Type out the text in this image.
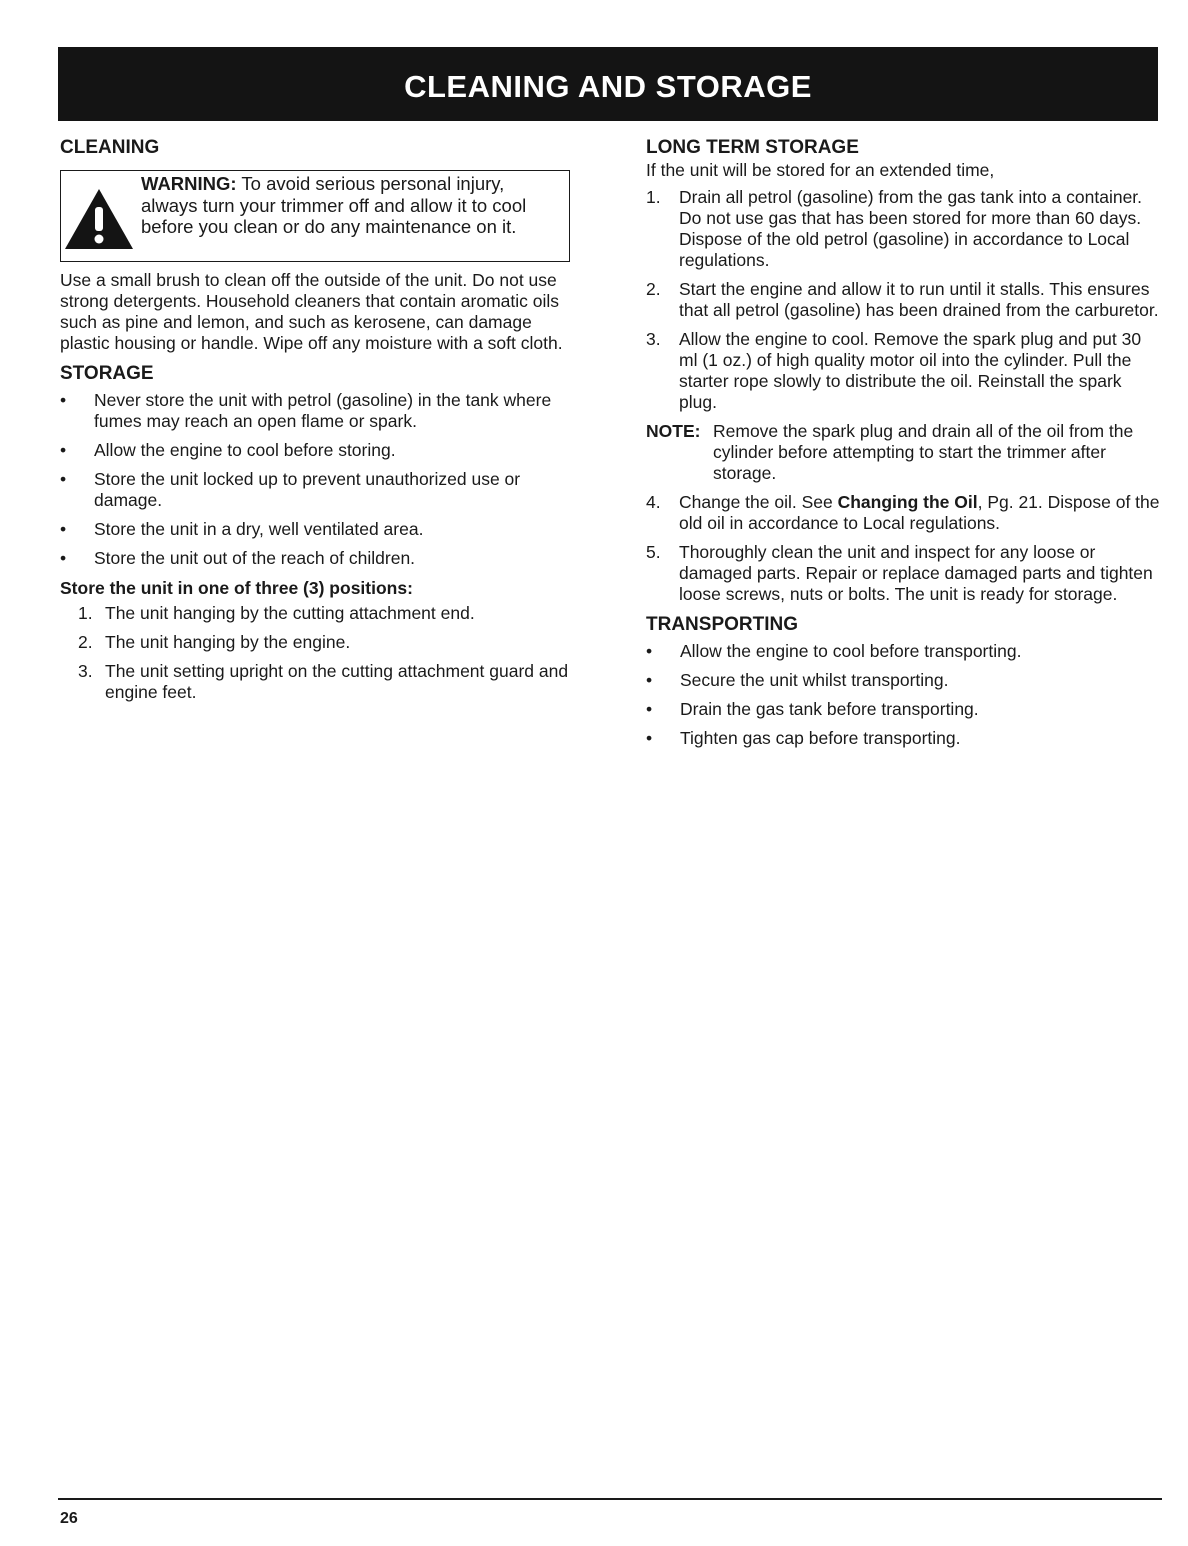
CLEANING AND STORAGE
CLEANING
WARNING: To avoid serious personal injury, always turn your trimmer off and allow it to cool before you clean or do any maintenance on it.

Use a small brush to clean off the outside of the unit. Do not use strong detergents. Household cleaners that contain aromatic oils such as pine and lemon, and such as kerosene, can damage plastic housing or handle. Wipe off any moisture with a soft cloth.

STORAGE
• Never store the unit with petrol (gasoline) in the tank where fumes may reach an open flame or spark.
• Allow the engine to cool before storing.
• Store the unit locked up to prevent unauthorized use or damage.
• Store the unit in a dry, well ventilated area.
• Store the unit out of the reach of children.
Store the unit in one of three (3) positions:
1. The unit hanging by the cutting attachment end.
2. The unit hanging by the engine.
3. The unit setting upright on the cutting attachment guard and engine feet.
LONG TERM STORAGE

If the unit will be stored for an extended time,

1. Drain all petrol (gasoline) from the gas tank into a container. Do not use gas that has been stored for more than 60 days. Dispose of the old petrol (gasoline) in accordance to Local regulations.
2. Start the engine and allow it to run until it stalls. This ensures that all petrol (gasoline) has been drained from the carburetor.
3. Allow the engine to cool. Remove the spark plug and put 30 ml (1 oz.) of high quality motor oil into the cylinder. Pull the starter rope slowly to distribute the oil. Reinstall the spark plug.
NOTE: Remove the spark plug and drain all of the oil from the cylinder before attempting to start the trimmer after storage.
4. Change the oil. See Changing the Oil, Pg. 21. Dispose of the old oil in accordance to Local regulations.
5. Thoroughly clean the unit and inspect for any loose or damaged parts. Repair or replace damaged parts and tighten loose screws, nuts or bolts. The unit is ready for storage.
TRANSPORTING
• Allow the engine to cool before transporting.
• Secure the unit whilst transporting.
• Drain the gas tank before transporting.
• Tighten gas cap before transporting.
26
